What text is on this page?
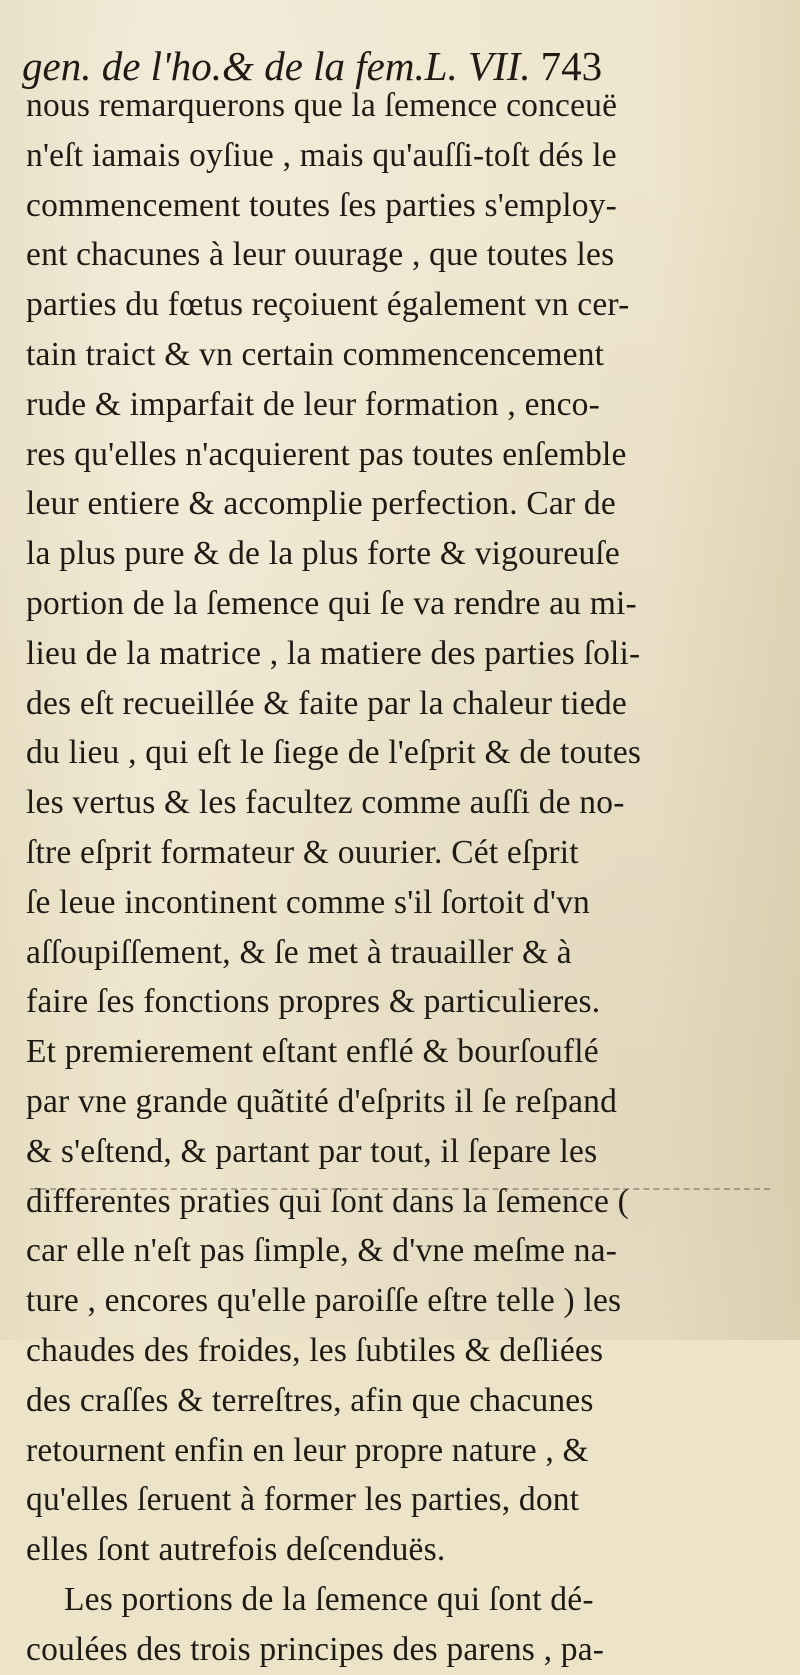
gen. de l'ho.& de la fem.L. VII. 743
nous remarquerons que la ſemence conceuë
n'eſt iamais oyſiue , mais qu'auſſi-toſt dés le
commencement toutes ſes parties s'employ-
ent chacunes à leur ouurage , que toutes les
parties du fœtus reçoiuent également vn cer-
tain traict & vn certain commencencement
rude & imparfait de leur formation , enco-
res qu'elles n'acquierent pas toutes enſemble
leur entiere & accomplie perfection. Car de
la plus pure & de la plus forte & vigoureuſe
portion de la ſemence qui ſe va rendre au mi-
lieu de la matrice , la matiere des parties ſoli-
des eſt recueillée & faite par la chaleur tiede
du lieu , qui eſt le ſiege de l'eſprit & de toutes
les vertus & les facultez comme auſſi de no-
ſtre eſprit formateur & ouurier. Cét eſprit
ſe leue incontinent comme s'il ſortoit d'vn
aſſoupiſſement, & ſe met à trauailler & à
faire ſes fonctions propres & particulieres.
Et premierement eſtant enflé & bourſouflé
par vne grande quãtité d'eſprits il ſe reſpand
& s'eſtend, & partant par tout, il ſepare les
differentes praties qui ſont dans la ſemence (
car elle n'eſt pas ſimple, & d'vne meſme na-
ture , encores qu'elle paroiſſe eſtre telle ) les
chaudes des froides, les ſubtiles & deſliées
des craſſes & terreſtres, afin que chacunes
retournent enfin en leur propre nature , &
qu'elles ſeruent à former les parties, dont
elles ſont autrefois deſcenduës.
Les portions de la ſemence qui ſont dé-
coulées des trois principes des parens , pa-
